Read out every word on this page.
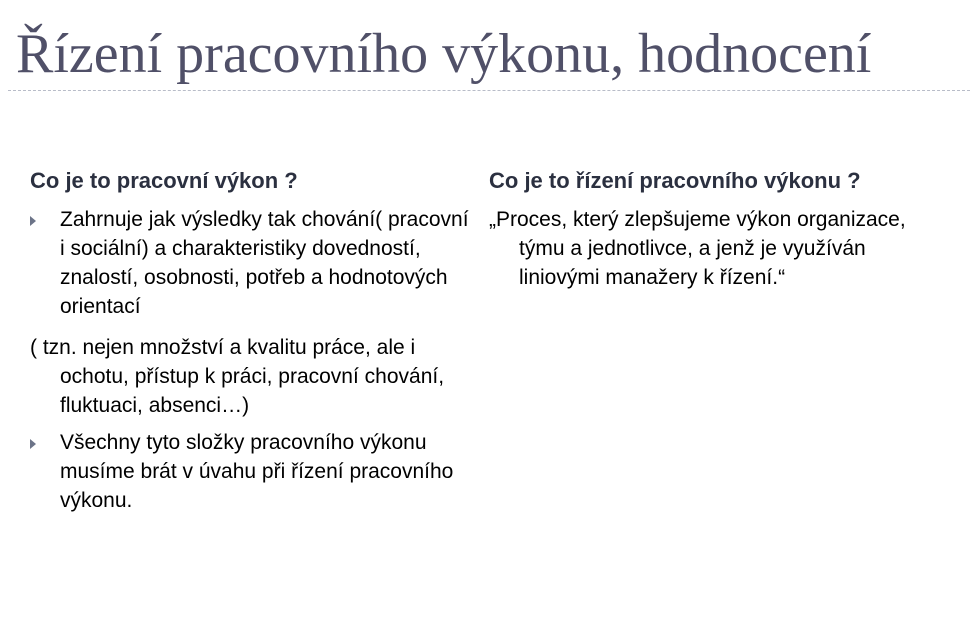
Řízení pracovního výkonu, hodnocení
Co je to pracovní výkon ?
Zahrnuje jak výsledky tak chování( pracovní i sociální) a charakteristiky dovedností, znalostí, osobnosti, potřeb a hodnotových orientací

( tzn. nejen množství a kvalitu práce, ale i ochotu, přístup k práci, pracovní chování, fluktuaci, absenci…)

Všechny tyto složky pracovního výkonu musíme brát v úvahu při řízení pracovního výkonu.
Co je to řízení pracovního výkonu ?

„Proces, který zlepšujeme výkon organizace, týmu a jednotlivce, a jenž je využíván liniovými manažery k řízení.“
